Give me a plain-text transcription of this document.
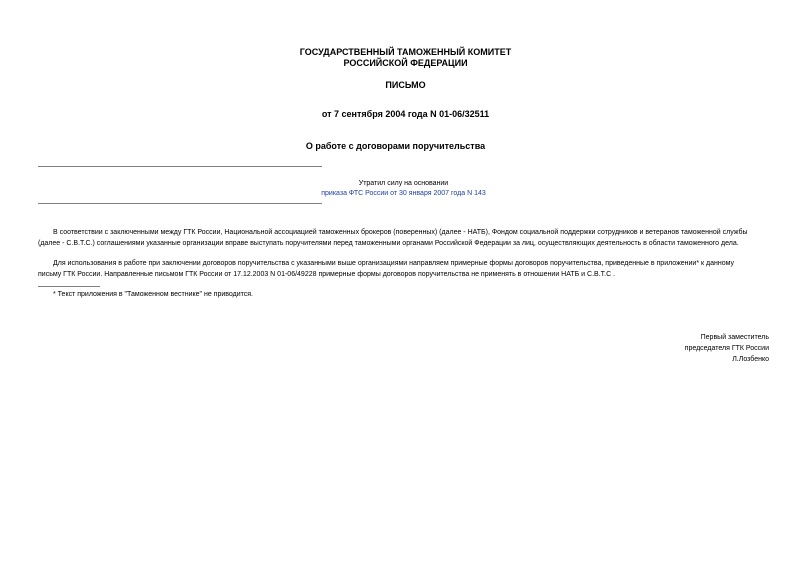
ГОСУДАРСТВЕННЫЙ ТАМОЖЕННЫЙ КОМИТЕТ
РОССИЙСКОЙ ФЕДЕРАЦИИ
ПИСЬМО
от 7 сентября 2004 года N 01-06/32511
О работе с договорами поручительства
Утратил силу на основании
приказа ФТС России от 30 января 2007 года N 143
В соответствии с заключенными между ГТК России, Национальной ассоциацией таможенных брокеров (поверенных) (далее - НАТБ), Фондом социальной поддержки сотрудников и ветеранов таможенной службы
(далее - С.В.Т.С.) соглашениями указанные организации вправе выступать поручителями перед таможенными органами Российской Федерации за лиц, осуществляющих деятельность в области таможенного дела.
Для использования в работе при заключении договоров поручительства с указанными выше организациями направляем примерные формы договоров поручительства, приведенные в приложении* к данному
письму ГТК России. Направленные письмом ГТК России от 17.12.2003 N 01-06/49228 примерные формы договоров поручительства не применять в отношении НАТБ и С.В.Т.С .
* Текст приложения в "Таможенном вестнике" не приводится.
Первый заместитель
председателя ГТК России
Л.Лозбенко
